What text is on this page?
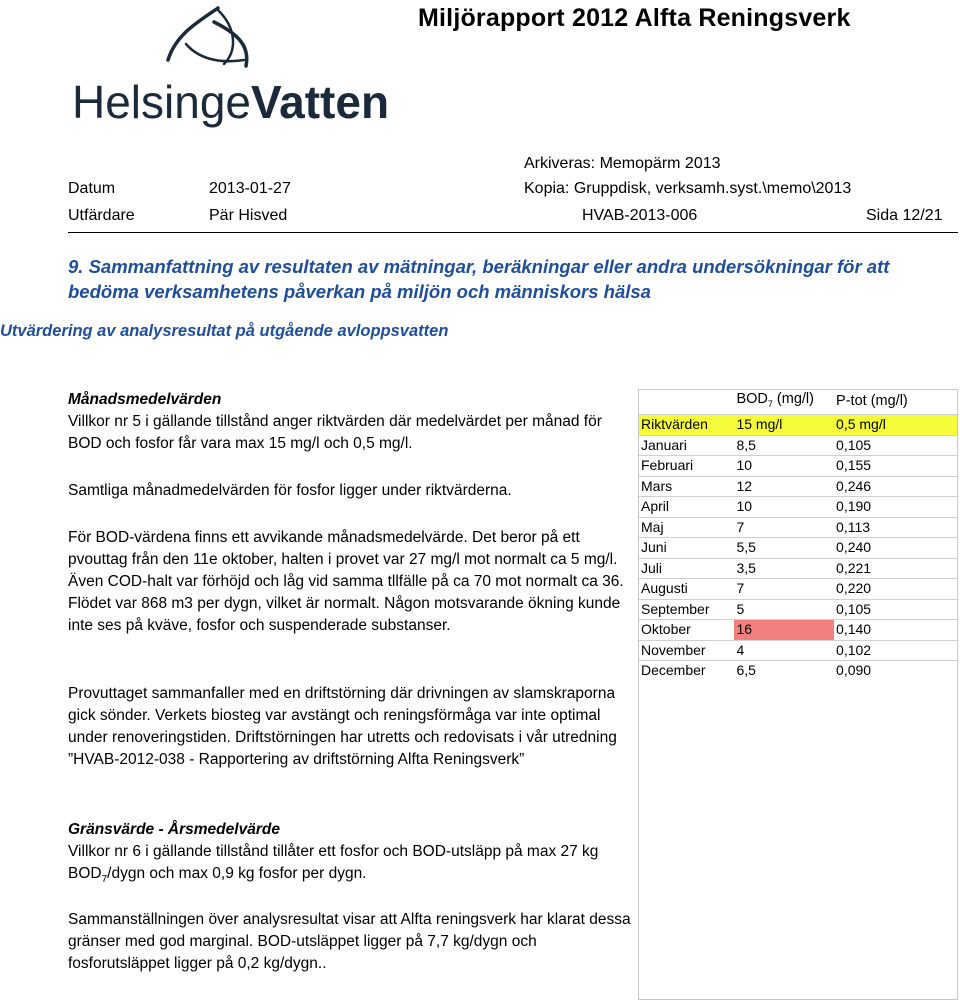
Miljörapport 2012 Alfta Reningsverk
HelsingeVatten
Arkiveras: Memopärm 2013
Datum	2013-01-27	Kopia: Gruppdisk, verksamh.syst.\memo\2013
Utfärdare	Pär Hisved	HVAB-2013-006	Sida 12/21
9. Sammanfattning av resultaten av mätningar, beräkningar eller andra undersökningar för att bedöma verksamhetens påverkan på miljön och människors hälsa
Utvärdering av analysresultat på utgående avloppsvatten

Månadsmedelvärden

Villkor nr 5 i gällande tillstånd anger riktvärden där medelvärdet per månad för BOD och fosfor får vara max 15 mg/l och 0,5 mg/l.

Samtliga månadmedelvärden för fosfor ligger under riktvärderna.
För BOD-värdena finns ett avvikande månadsmedelvärde. Det beror på ett pvouttag från den 11e oktober, halten i provet var 27 mg/l mot normalt ca 5 mg/l. Även COD-halt var förhöjd och låg vid samma tllfälle på ca 70 mot normalt ca 36. Flödet var 868 m3 per dygn, vilket är normalt. Någon motsvarande ökning kunde inte ses på kväve, fosfor och suspenderade substanser.
Provuttaget sammanfaller med en driftstörning där drivningen av slamskraporna gick sönder. Verkets biosteg var avstängt och reningsförmåga var inte optimal under renoveringstiden. Driftstörningen har utretts och redovisats i vår utredning ”HVAB-2012-038 - Rapportering av driftstörning Alfta Reningsverk”

Gränsvärde - Årsmedelvärde

Villkor nr 6 i gällande tillstånd tillåter ett fosfor och BOD-utsläpp på max 27 kg $BOD_7$/dygn och max 0,9 kg fosfor per dygn.

Sammanställningen över analysresultat visar att Alfta reningsverk har klarat dessa gränser med god marginal. BOD-utsläppet ligger på 7,7 kg/dygn och fosforutsläppet ligger på 0,2 kg/dygn..
	$BOD_7$ (mg/l)	P-tot (mg/l)
Riktvärden	15 mg/l	0,5 mg/l
Januari	8,5	0,105
Februari	10	0,155
Mars	12	0,246
April	10	0,190
Maj	7	0,113
Juni	5,5	0,240
Juli	3,5	0,221
Augusti	7	0,220
September	5	0,105
Oktober	16	0,140
November	4	0,102
December	6,5	0,090
